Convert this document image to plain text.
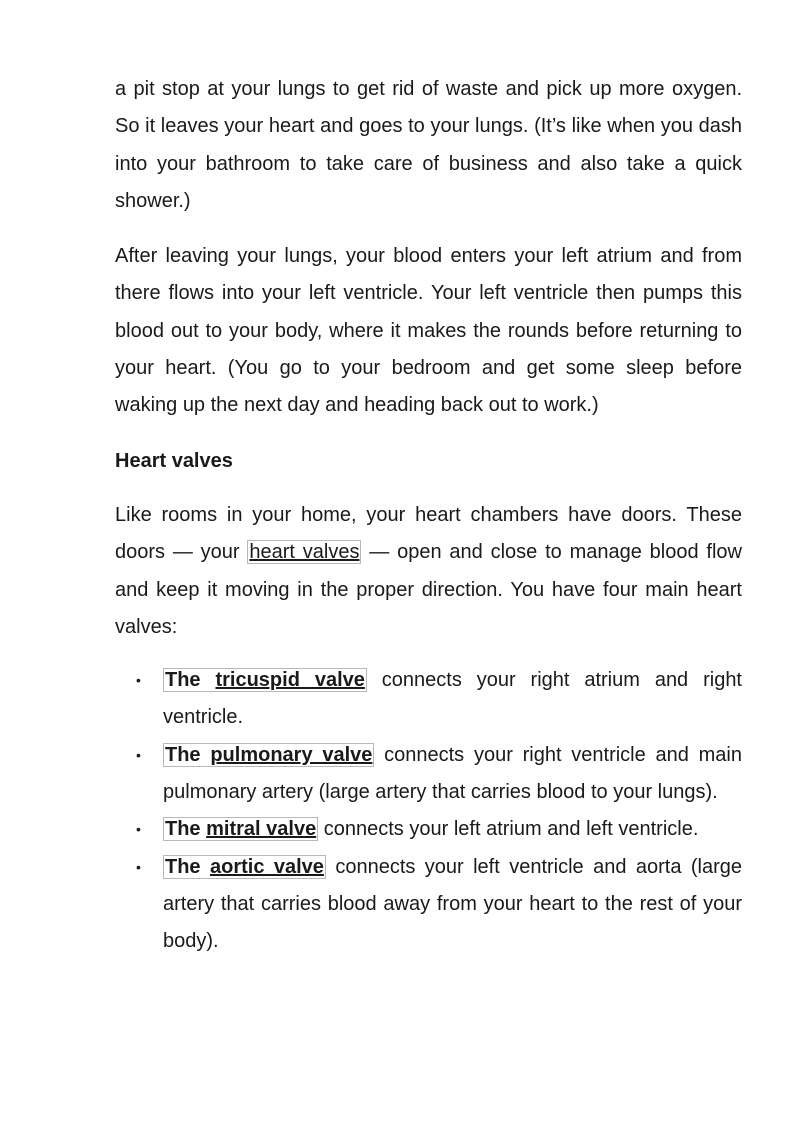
a pit stop at your lungs to get rid of waste and pick up more oxygen. So it leaves your heart and goes to your lungs. (It’s like when you dash into your bathroom to take care of business and also take a quick shower.)

After leaving your lungs, your blood enters your left atrium and from there flows into your left ventricle. Your left ventricle then pumps this blood out to your body, where it makes the rounds before returning to your heart. (You go to your bedroom and get some sleep before waking up the next day and heading back out to work.)

Heart valves

Like rooms in your home, your heart chambers have doors. These doors — your heart valves — open and close to manage blood flow and keep it moving in the proper direction. You have four main heart valves:

• The tricuspid valve connects your right atrium and right ventricle.
• The pulmonary valve connects your right ventricle and main pulmonary artery (large artery that carries blood to your lungs).
• The mitral valve connects your left atrium and left ventricle.
• The aortic valve connects your left ventricle and aorta (large artery that carries blood away from your heart to the rest of your body).
